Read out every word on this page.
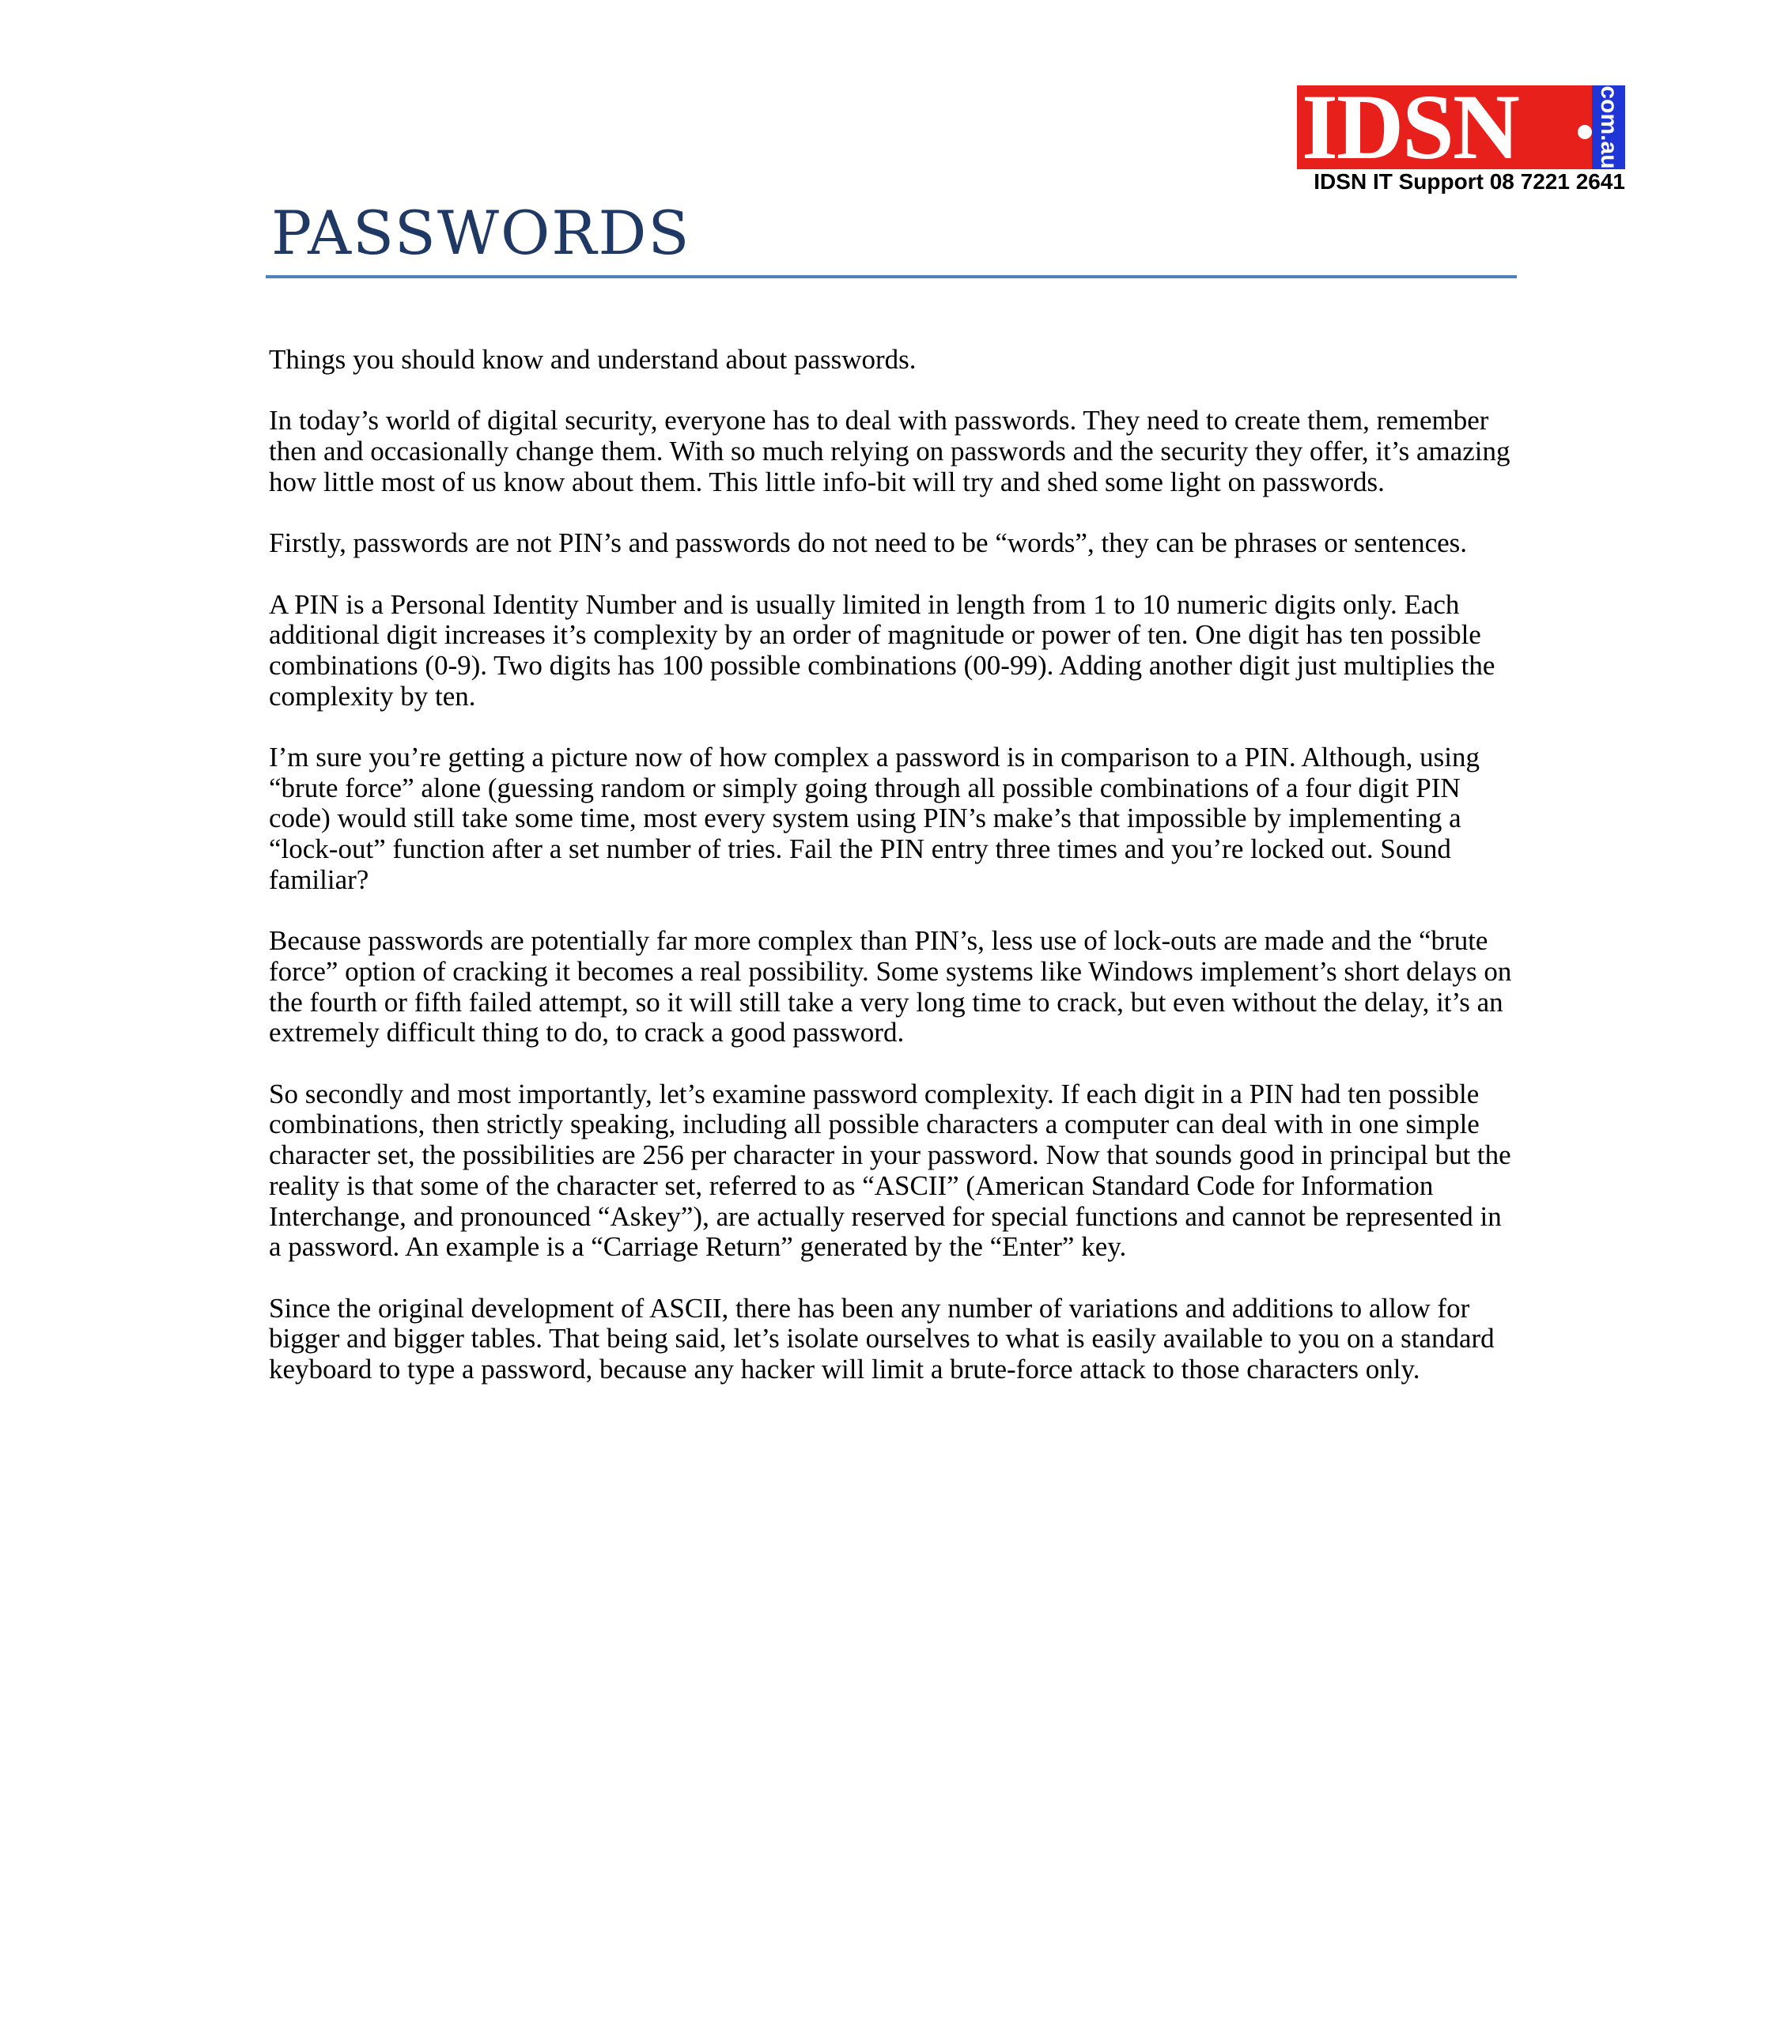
IDSN	com.au
IDSN IT Support 08 7221 2641
PASSWORDS

Things you should know and understand about passwords.

In today’s world of digital security, everyone has to deal with passwords. They need to create them, remember then and occasionally change them. With so much relying on passwords and the security they offer, it’s amazing how little most of us know about them. This little info-bit will try and shed some light on passwords.

Firstly, passwords are not PIN’s and passwords do not need to be “words”, they can be phrases or sentences.

A PIN is a Personal Identity Number and is usually limited in length from 1 to 10 numeric digits only. Each additional digit increases it’s complexity by an order of magnitude or power of ten. One digit has ten possible combinations (0-9). Two digits has 100 possible combinations (00-99). Adding another digit just multiplies the complexity by ten.

I’m sure you’re getting a picture now of how complex a password is in comparison to a PIN. Although, using “brute force” alone (guessing random or simply going through all possible combinations of a four digit PIN code) would still take some time, most every system using PIN’s make’s that impossible by implementing a “lock-out” function after a set number of tries. Fail the PIN entry three times and you’re locked out. Sound familiar?

Because passwords are potentially far more complex than PIN’s, less use of lock-outs are made and the “brute force” option of cracking it becomes a real possibility. Some systems like Windows implement’s short delays on the fourth or fifth failed attempt, so it will still take a very long time to crack, but even without the delay, it’s an extremely difficult thing to do, to crack a good password.

So secondly and most importantly, let’s examine password complexity. If each digit in a PIN had ten possible combinations, then strictly speaking, including all possible characters a computer can deal with in one simple character set, the possibilities are 256 per character in your password. Now that sounds good in principal but the reality is that some of the character set, referred to as “ASCII” (American Standard Code for Information Interchange, and pronounced “Askey”), are actually reserved for special functions and cannot be represented in a password. An example is a “Carriage Return” generated by the “Enter” key.

Since the original development of ASCII, there has been any number of variations and additions to allow for bigger and bigger tables. That being said, let’s isolate ourselves to what is easily available to you on a standard keyboard to type a password, because any hacker will limit a brute-force attack to those characters only.
